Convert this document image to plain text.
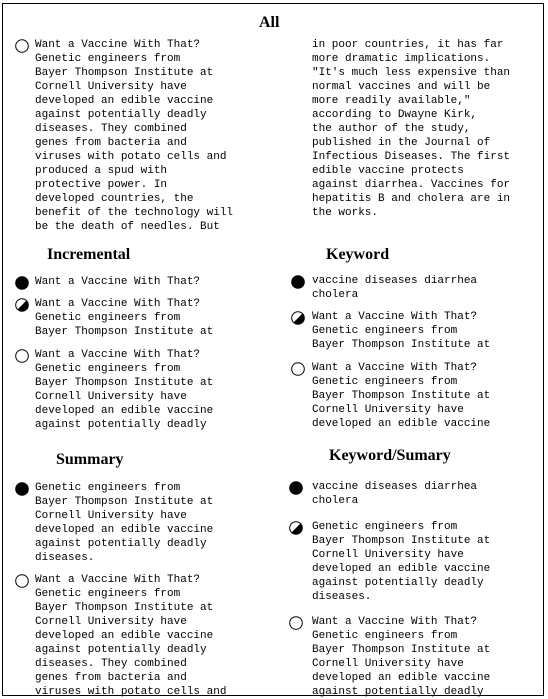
All
Want a Vaccine With That?
Genetic engineers from
Bayer Thompson Institute at
Cornell University have
developed an edible vaccine
against potentially deadly
diseases. They combined
genes from bacteria and
viruses with potato cells and
produced a spud with
protective power. In
developed countries, the
benefit of the technology will
be the death of needles. But
in poor countries, it has far
more dramatic implications.
"It's much less expensive than
normal vaccines and will be
more readily available,"
according to Dwayne Kirk,
the author of the study,
published in the Journal of
Infectious Diseases. The first
edible vaccine protects
against diarrhea. Vaccines for
hepatitis B and cholera are in
the works.
Incremental
Want a Vaccine With That?
Want a Vaccine With That?
Genetic engineers from
Bayer Thompson Institute at
Want a Vaccine With That?
Genetic engineers from
Bayer Thompson Institute at
Cornell University have
developed an edible vaccine
against potentially deadly
Keyword
vaccine diseases diarrhea
cholera
Want a Vaccine With That?
Genetic engineers from
Bayer Thompson Institute at
Want a Vaccine With That?
Genetic engineers from
Bayer Thompson Institute at
Cornell University have
developed an edible vaccine
Summary
Genetic engineers from
Bayer Thompson Institute at
Cornell University have
developed an edible vaccine
against potentially deadly
diseases.
Want a Vaccine With That?
Genetic engineers from
Bayer Thompson Institute at
Cornell University have
developed an edible vaccine
against potentially deadly
diseases. They combined
genes from bacteria and
viruses with potato cells and
Keyword/Sumary
vaccine diseases diarrhea
cholera
Genetic engineers from
Bayer Thompson Institute at
Cornell University have
developed an edible vaccine
against potentially deadly
diseases.
Want a Vaccine With That?
Genetic engineers from
Bayer Thompson Institute at
Cornell University have
developed an edible vaccine
against potentially deadly
